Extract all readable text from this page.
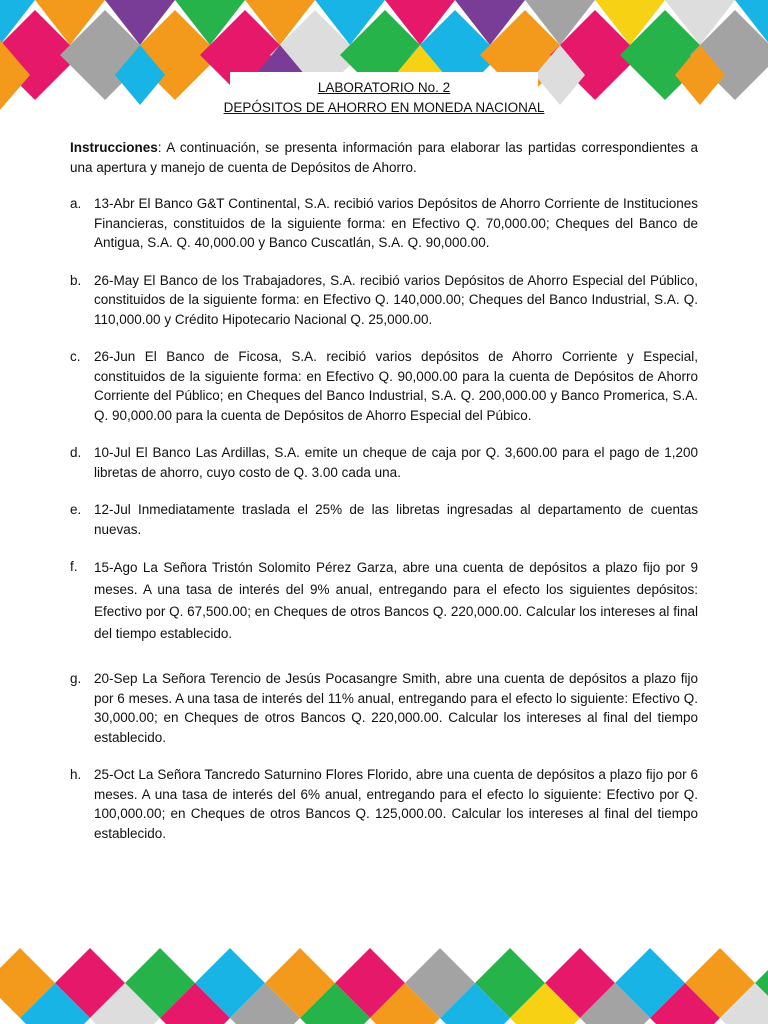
LABORATORIO No. 2
DEPÓSITOS DE AHORRO EN MONEDA NACIONAL

Instrucciones: A continuación, se presenta información para elaborar las partidas correspondientes a una apertura y manejo de cuenta de Depósitos de Ahorro.

a. 13-Abr El Banco G&T Continental, S.A. recibió varios Depósitos de Ahorro Corriente de Instituciones Financieras, constituidos de la siguiente forma: en Efectivo Q. 70,000.00; Cheques del Banco de Antigua, S.A. Q. 40,000.00 y Banco Cuscatlán, S.A. Q. 90,000.00.
b. 26-May El Banco de los Trabajadores, S.A. recibió varios Depósitos de Ahorro Especial del Público, constituidos de la siguiente forma: en Efectivo Q. 140,000.00; Cheques del Banco Industrial, S.A. Q. 110,000.00 y Crédito Hipotecario Nacional Q. 25,000.00.
c. 26-Jun El Banco de Ficosa, S.A. recibió varios depósitos de Ahorro Corriente y Especial, constituidos de la siguiente forma: en Efectivo Q. 90,000.00 para la cuenta de Depósitos de Ahorro Corriente del Público; en Cheques del Banco Industrial, S.A. Q. 200,000.00 y Banco Promerica, S.A. Q. 90,000.00 para la cuenta de Depósitos de Ahorro Especial del Púbico.
d. 10-Jul El Banco Las Ardillas, S.A. emite un cheque de caja por Q. 3,600.00 para el pago de 1,200 libretas de ahorro, cuyo costo de Q. 3.00 cada una.
e. 12-Jul Inmediatamente traslada el 25% de las libretas ingresadas al departamento de cuentas nuevas.
f.	15-Ago La Señora Tristón Solomito Pérez Garza, abre una cuenta de depósitos a plazo fijo por 9 meses. A una tasa de interés del 9% anual, entregando para el efecto los siguientes depósitos: Efectivo por Q. 67,500.00; en Cheques de otros Bancos Q. 220,000.00. Calcular los intereses al final del tiempo establecido.
g. 20-Sep La Señora Terencio de Jesús Pocasangre Smith, abre una cuenta de depósitos a plazo fijo por 6 meses. A una tasa de interés del 11% anual, entregando para el efecto lo siguiente: Efectivo Q. 30,000.00; en Cheques de otros Bancos Q. 220,000.00. Calcular los intereses al final del tiempo establecido.
h. 25-Oct La Señora Tancredo Saturnino Flores Florido, abre una cuenta de depósitos a plazo fijo por 6 meses. A una tasa de interés del 6% anual, entregando para el efecto lo siguiente: Efectivo por Q. 100,000.00; en Cheques de otros Bancos Q. 125,000.00. Calcular los intereses al final del tiempo establecido.
